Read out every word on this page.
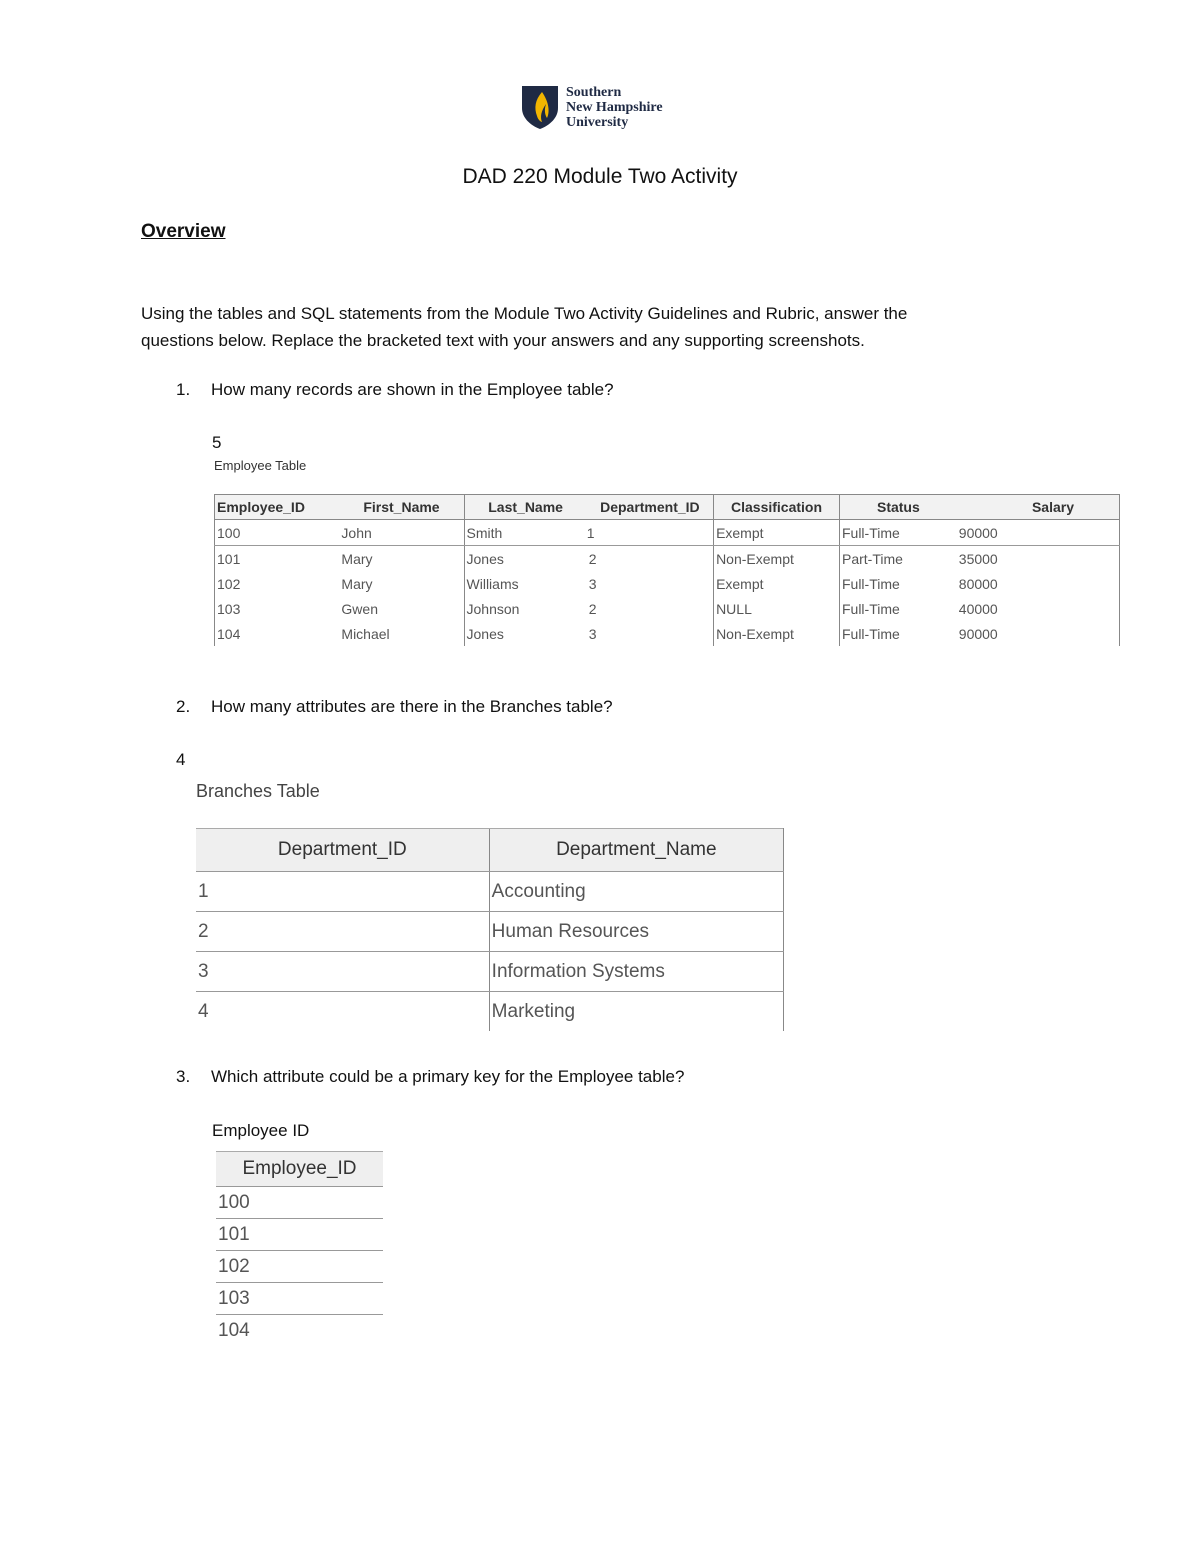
Southern
New Hampshire
University
DAD 220 Module Two Activity
Overview
Using the tables and SQL statements from the Module Two Activity Guidelines and Rubric, answer the
questions below. Replace the bracketed text with your answers and any supporting screenshots.
1. How many records are shown in the Employee table?
5
Employee Table
Employee_ID	First_Name	Last_Name	Department_ID	Classification	Status	Salary
100	John	Smith	1	Exempt	Full-Time	90000
101	Mary	Jones	2	Non-Exempt	Part-Time	35000
102	Mary	Williams	3	Exempt	Full-Time	80000
103	Gwen	Johnson	2	NULL	Full-Time	40000
104	Michael	Jones	3	Non-Exempt	Full-Time	90000
2. How many attributes are there in the Branches table?
4
Branches Table
Department_ID	Department_Name
1	Accounting
2	Human Resources
3	Information Systems
4	Marketing
3. Which attribute could be a primary key for the Employee table?
Employee ID
Employee_ID
100
101
102
103
104
